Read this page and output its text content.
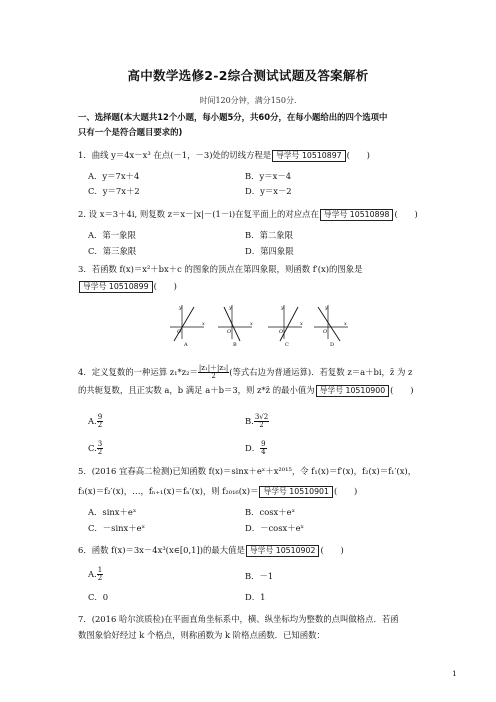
高中数学选修2-2综合测试试题及答案解析
时间120分钟，满分150分.
一、选择题(本大题共12个小题，每小题5分，共60分，在每小题给出的四个选项中
只有一个是符合题目要求的)
1．曲线 y＝4x－x³ 在点(－1，－3)处的切线方程是 导学号 10510897 (　　)
A．y＝7x＋4	B．y＝x－4
C．y＝7x＋2	D．y＝x－2
2. 设 x＝3＋4i, 则复数 z＝x－|x|－(1－i)在复平面上的对应点在 导学号 10510898 (　　)
A．第一象限	B．第二象限
C．第三象限	D．第四象限
3．若函数 f(x)＝x²＋bx＋c 的图象的顶点在第四象限，则函数 f′(x)的图象是
导学号 10510899 (　　)
y
x
O
A
y
x
O
B
y
x
O
C
y
x
O
D
4．定义复数的一种运算 $z_1*z_2= \frac{\text{|z₁|＋|z₂|}}{2}$ (等式右边为普通运算)．若复数 z＝a＋bi，z̄ 为 z
的共轭复数，且正实数 a，b 满足 a＋b＝3，则 z*z̄ 的最小值为 导学号 10510900 (　　)
A. $\frac{9}{2}$	B. $\frac{3√2}{2}$
C. $\frac{3}{2}$	D． $\frac{9}{4}$
5．(2016 宜春高二检测)已知函数 f(x)＝sinx＋eˣ＋x²⁰¹⁵，令 f₁(x)＝f′(x)，f₂(x)＝f₁′(x)，
f₃(x)＝f₂′(x)，…，fₙ₊₁(x)＝fₙ′(x)，则 f₂₀₁₆(x)＝ 导学号 10510901 (　　)
A．sinx＋eˣ	B．cosx＋eˣ
C．－sinx＋eˣ	D．－cosx＋eˣ
6．函数 f(x)＝3x－4x³(x∈[0,1])的最大值是 导学号 10510902 (　　)
A. $\frac{1}{2}$	B．－1
C．0	D．1
7．(2016 哈尔滨质检)在平面直角坐标系中，横、纵坐标均为整数的点叫做格点．若函
数图象恰好经过 k 个格点，则称函数为 k 阶格点函数．已知函数：
1
